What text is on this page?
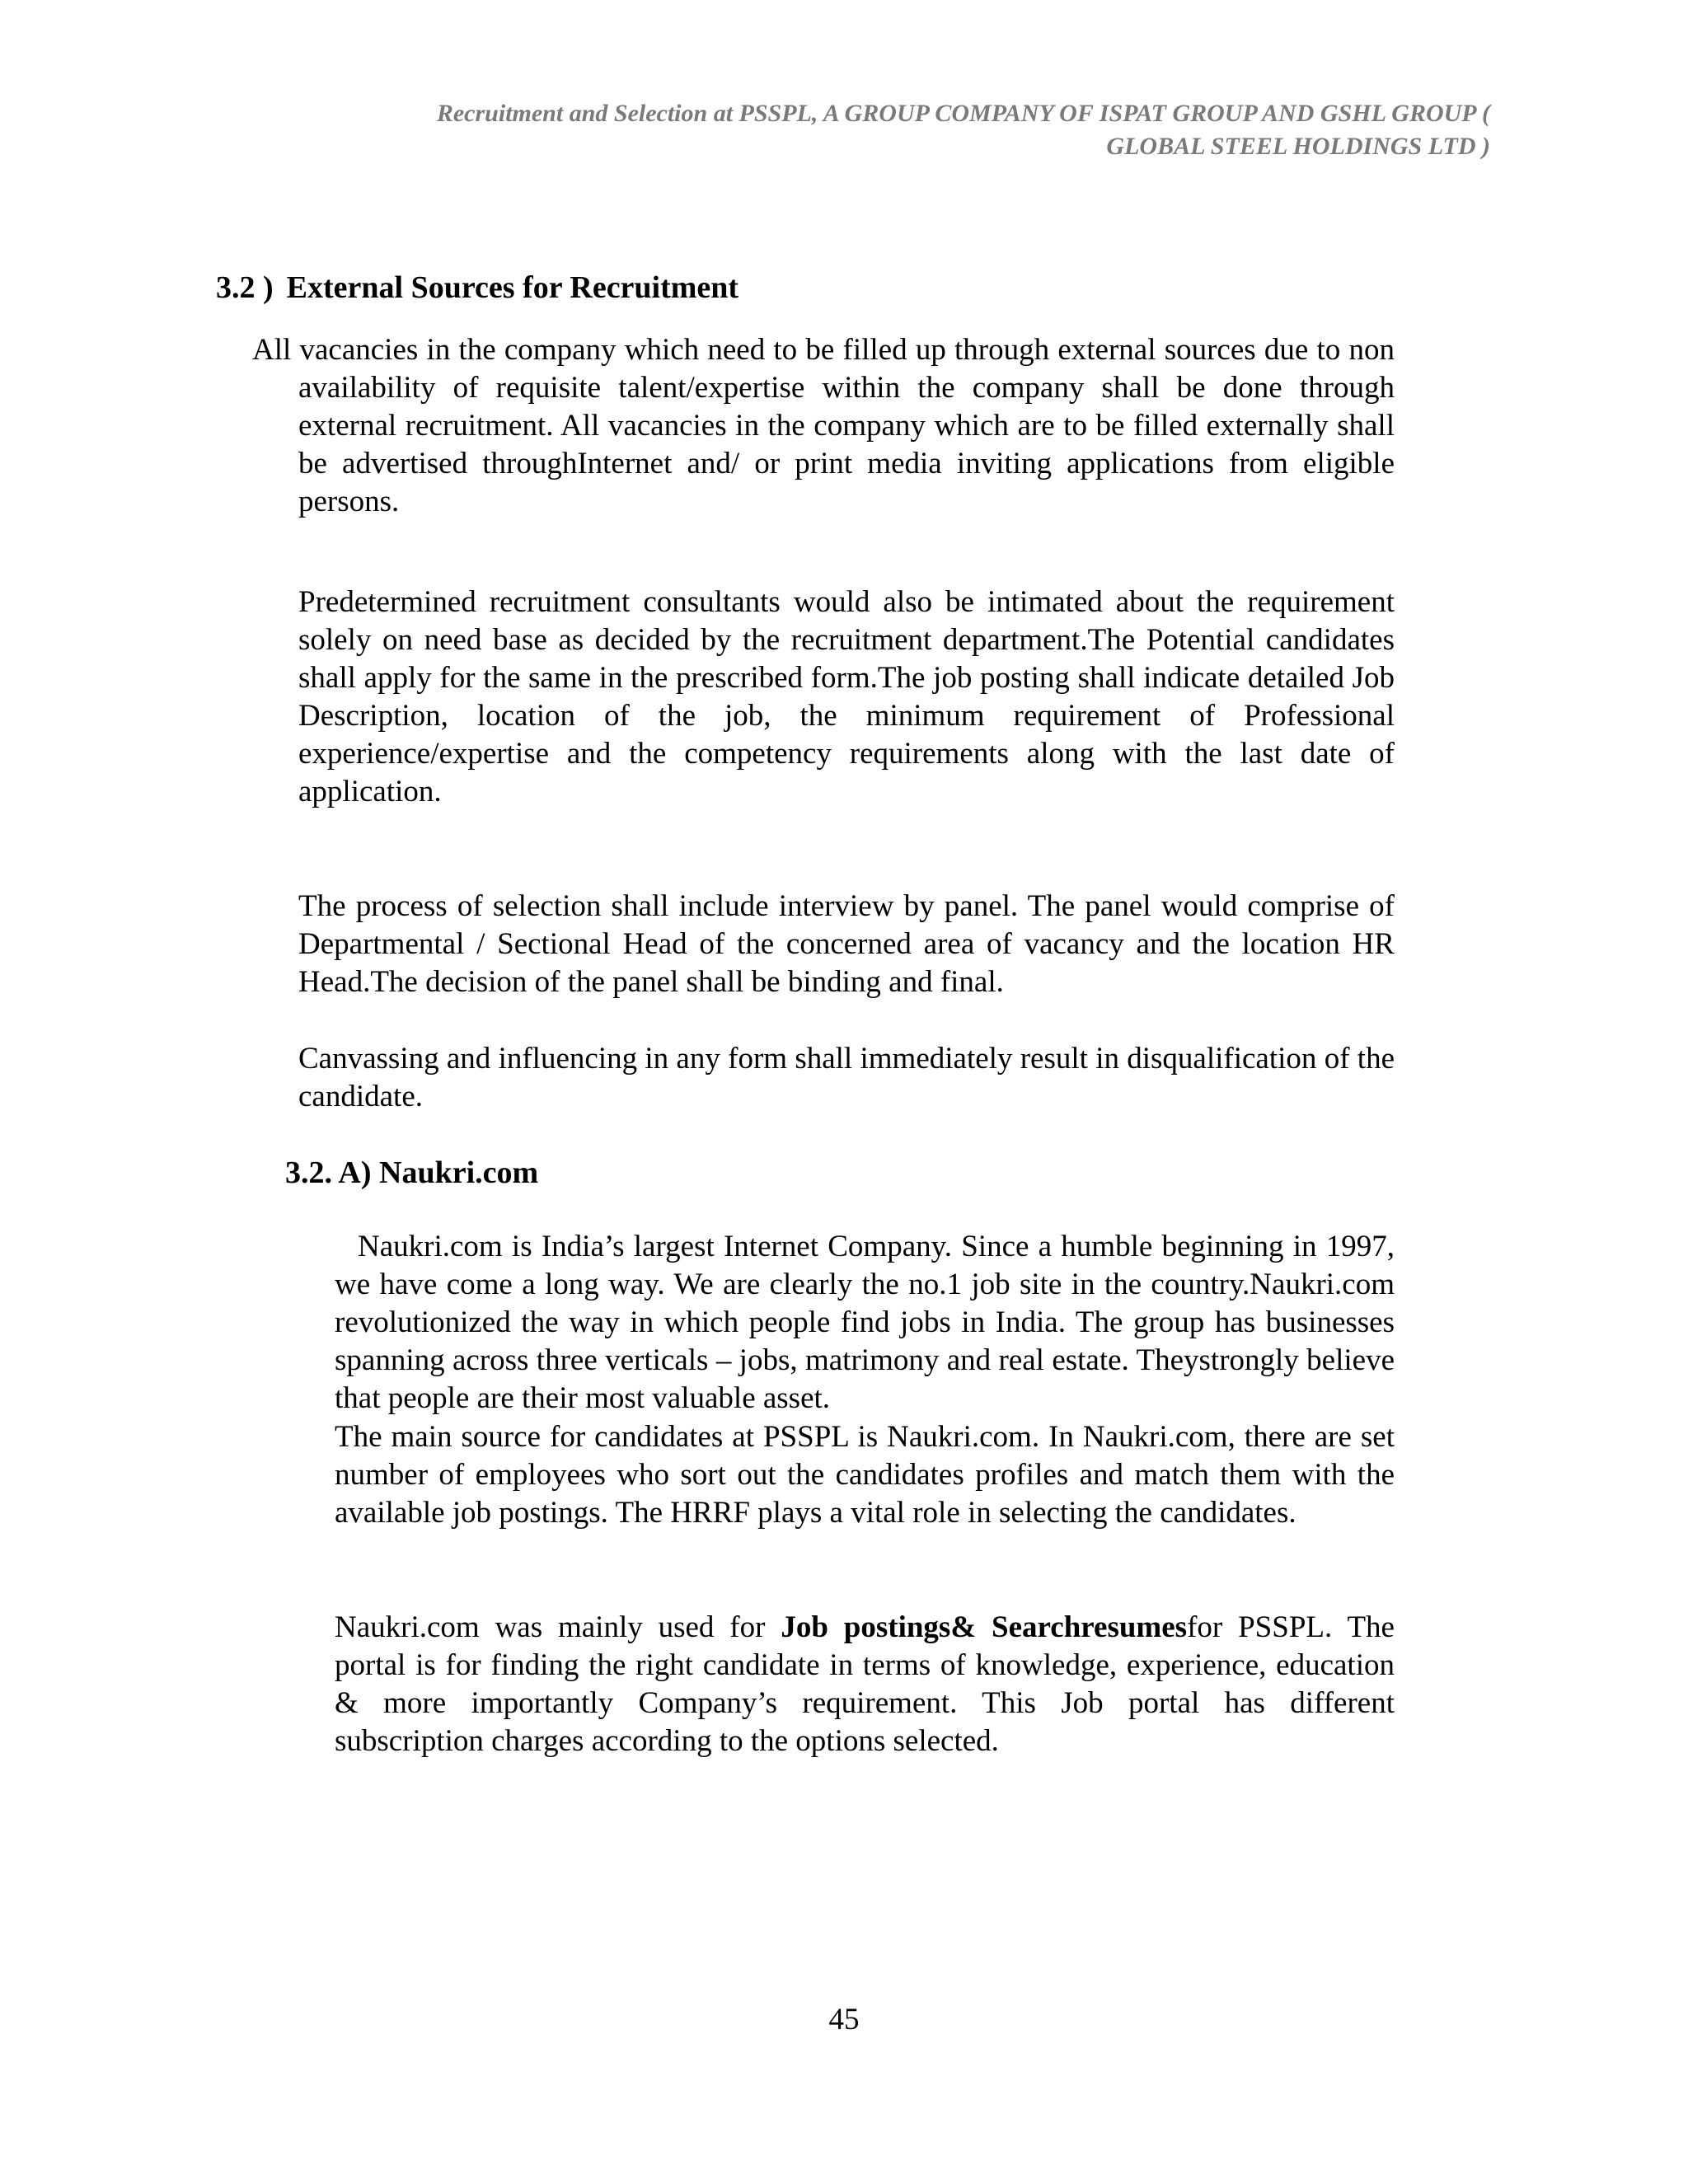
Recruitment and Selection at PSSPL, A GROUP COMPANY OF ISPAT GROUP AND GSHL GROUP (
GLOBAL STEEL HOLDINGS LTD )
3.2 ) External Sources for Recruitment

All vacancies in the company which need to be filled up through external sources due to non availability of requisite talent/expertise within the company shall be done through external recruitment. All vacancies in the company which are to be filled externally shall be advertised throughInternet and/ or print media inviting applications from eligible persons.

Predetermined recruitment consultants would also be intimated about the requirement solely on need base as decided by the recruitment department.The Potential candidates shall apply for the same in the prescribed form.The job posting shall indicate detailed Job Description, location of the job, the minimum requirement of Professional experience/expertise and the competency requirements along with the last date of application.

The process of selection shall include interview by panel. The panel would comprise of Departmental / Sectional Head of the concerned area of vacancy and the location HR Head.The decision of the panel shall be binding and final.

Canvassing and influencing in any form shall immediately result in disqualification of the candidate.

3.2. A) Naukri.com

Naukri.com is India’s largest Internet Company. Since a humble beginning in 1997, we have come a long way. We are clearly the no.1 job site in the country.Naukri.com revolutionized the way in which people find jobs in India. The group has businesses spanning across three verticals – jobs, matrimony and real estate. Theystrongly believe that people are their most valuable asset.

The main source for candidates at PSSPL is Naukri.com. In Naukri.com, there are set number of employees who sort out the candidates profiles and match them with the available job postings. The HRRF plays a vital role in selecting the candidates.

Naukri.com was mainly used for Job postings& Searchresumesfor PSSPL. The portal is for finding the right candidate in terms of knowledge, experience, education & more importantly Company’s requirement. This Job portal has different subscription charges according to the options selected.

45
